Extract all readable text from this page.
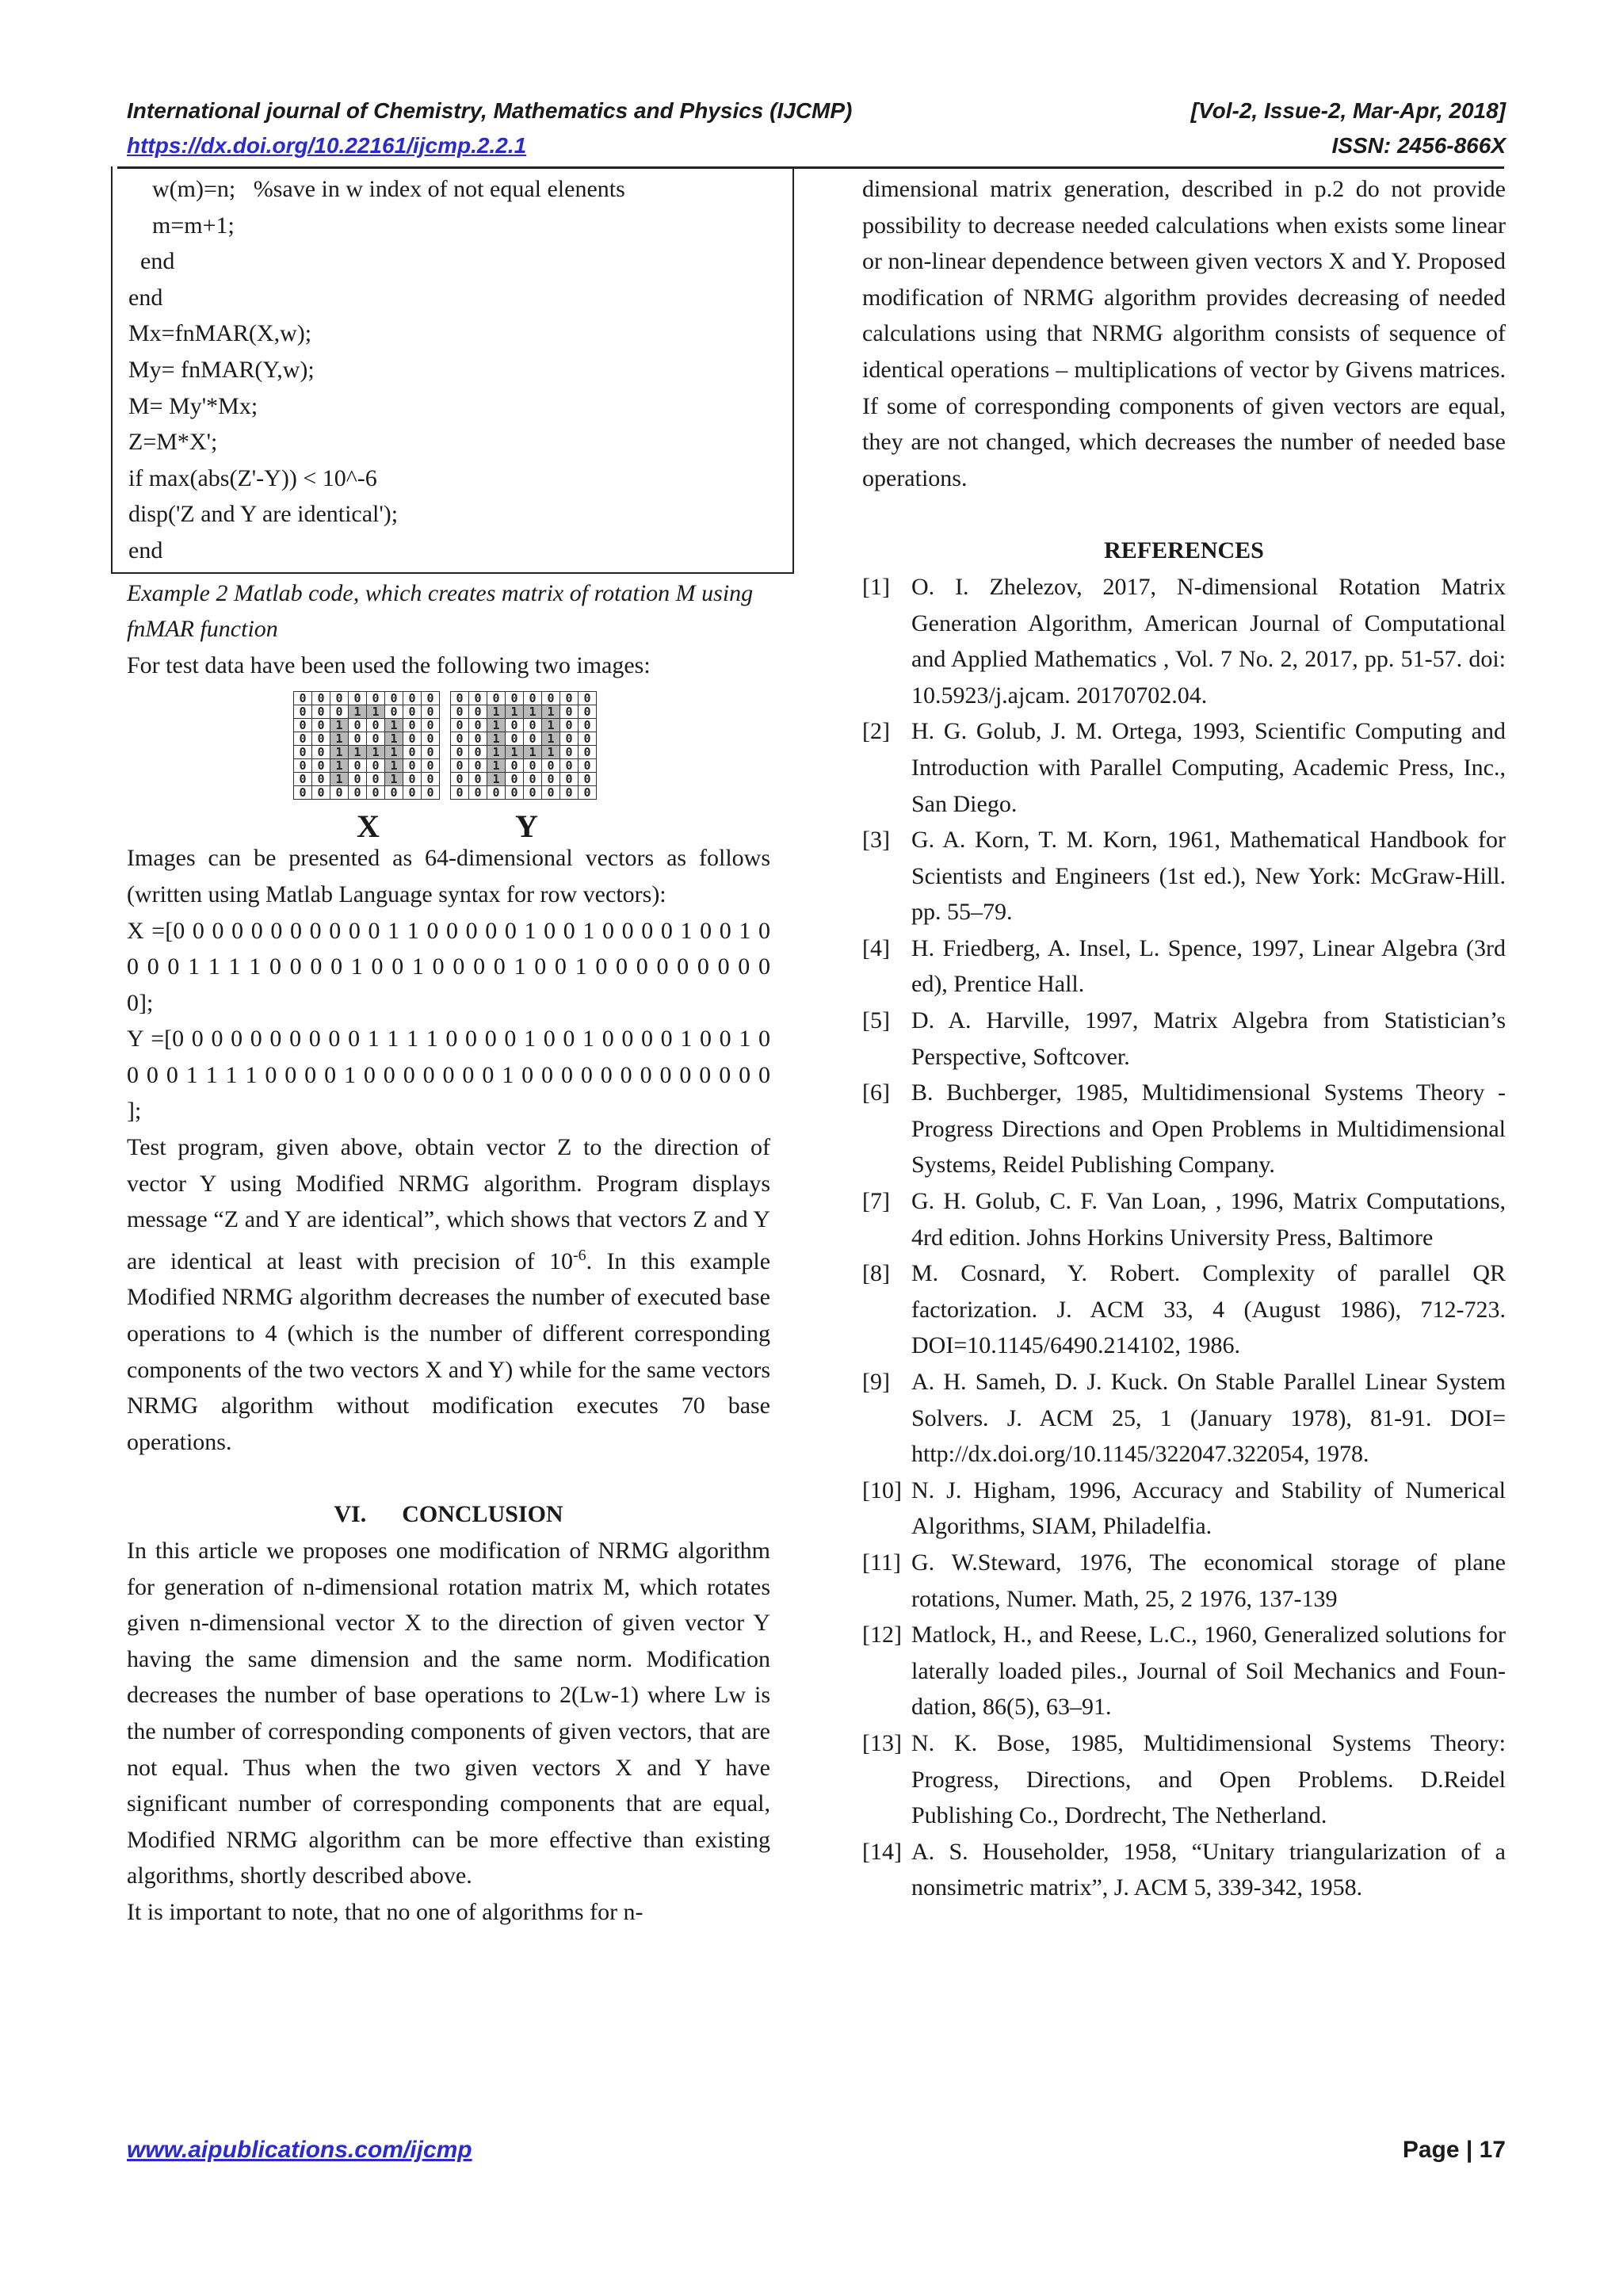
International journal of Chemistry, Mathematics and Physics (IJCMP)	[Vol-2, Issue-2, Mar-Apr, 2018]
https://dx.doi.org/10.22161/ijcmp.2.2.1	ISSN: 2456-866X
w(m)=n;   %save in w index of not equal elenents
m=m+1;
end
end
Mx=fnMAR(X,w);
My= fnMAR(Y,w);
M= My'*Mx;
Z=M*X';
if max(abs(Z'-Y)) < 10^-6
disp('Z and Y are identical');
end
Example 2 Matlab code, which creates matrix of rotation M using fnMAR function
For test data have been used the following two images:
0	0	0	0	0	0	0	0
0	0	0	1	1	0	0	0
0	0	1	0	0	1	0	0
0	0	1	0	0	1	0	0
0	0	1	1	1	1	0	0
0	0	1	0	0	1	0	0
0	0	1	0	0	1	0	0
0	0	0	0	0	0	0	0
0	0	0	0	0	0	0	0
0	0	1	1	1	1	0	0
0	0	1	0	0	1	0	0
0	0	1	0	0	1	0	0
0	0	1	1	1	1	0	0
0	0	1	0	0	0	0	0
0	0	1	0	0	0	0	0
0	0	0	0	0	0	0	0
X	Y
Images can be presented as 64-dimensional vectors as follows (written using Matlab Language syntax for row vectors):
X =[0 0 0 0 0 0 0 0 0 0 0 1 1 0 0 0 0 0 1 0 0 1 0 0 0 0 1 0 0 1 0 0 0 0 1 1 1 1 0 0 0 0 1 0 0 1 0 0 0 0 1 0 0 1 0 0 0 0 0 0 0 0 0 0];
Y =[0 0 0 0 0 0 0 0 0 0 1 1 1 1 0 0 0 0 1 0 0 1 0 0 0 0 1 0 0 1 0 0 0 0 1 1 1 1 0 0 0 0 1 0 0 0 0 0 0 0 1 0 0 0 0 0 0 0 0 0 0 0 0 0 ];
Test program, given above, obtain vector Z to the direction of vector Y using Modified NRMG algorithm. Program displays message “Z and Y are identical”, which shows that vectors Z and Y are identical at least with precision of $10^{-6}$. In this example Modified NRMG algorithm decreases the number of executed base operations to 4 (which is the number of different corresponding components of the two vectors X and Y) while for the same vectors NRMG algorithm without modification executes 70 base operations.
VI.      CONCLUSION
In this article we proposes one modification of NRMG algorithm for generation of n-dimensional rotation matrix M, which rotates given n-dimensional vector X to the direction of given vector Y having the same dimension and the same norm. Modification decreases the number of base operations to 2(Lw-1) where Lw is the number of corresponding components of given vectors, that are not equal. Thus when the two given vectors X and Y have significant number of corresponding components that are equal, Modified NRMG algorithm can be more effective than existing algorithms, shortly described above.
It is important to note, that no one of algorithms for n-
dimensional matrix generation, described in p.2 do not provide possibility to decrease needed calculations when exists some linear or non-linear dependence between given vectors X and Y. Proposed modification of NRMG algorithm provides decreasing of needed calculations using that NRMG algorithm consists of sequence of identical operations – multiplications of vector by Givens matrices. If some of corresponding components of given vectors are equal, they are not changed, which decreases the number of needed base operations.
REFERENCES
[1] O. I. Zhelezov, 2017, N-dimensional Rotation Matrix Generation Algorithm, American Journal of Computational and Applied Mathematics , Vol. 7 No. 2, 2017, pp. 51-57. doi: 10.5923/j.ajcam. 20170702.04.
[2] H. G. Golub, J. M. Ortega, 1993, Scientific Computing and Introduction with Parallel Computing, Academic Press, Inc., San Diego.
[3] G. A. Korn, T. M. Korn, 1961, Mathematical Handbook for Scientists and Engineers (1st ed.), New York: McGraw-Hill. pp. 55–79.
[4] H. Friedberg, A. Insel, L. Spence, 1997, Linear Algebra (3rd ed), Prentice Hall.
[5] D. A. Harville, 1997, Matrix Algebra from Statistician’s Perspective, Softcover.
[6] B. Buchberger, 1985, Multidimensional Systems Theory - Progress Directions and Open Problems in Multidimensional Systems, Reidel Publishing Company.
[7] G. H. Golub, C. F. Van Loan, , 1996, Matrix Computations, 4rd edition. Johns Horkins University Press, Baltimore
[8] M. Cosnard, Y. Robert. Complexity of parallel QR factorization. J. ACM 33, 4 (August 1986), 712-723. DOI=10.1145/6490.214102, 1986.
[9] A. H. Sameh, D. J. Kuck. On Stable Parallel Linear System Solvers. J. ACM 25, 1 (January 1978), 81-91. DOI= http://dx.doi.org/10.1145/322047.322054, 1978.
[10] N. J. Higham, 1996, Accuracy and Stability of Numerical Algorithms, SIAM, Philadelfia.
[11] G. W.Steward, 1976, The economical storage of plane rotations, Numer. Math, 25, 2 1976, 137-139
[12] Matlock, H., and Reese, L.C., 1960, Generalized solutions for laterally loaded piles., Journal of Soil Mechanics and Foun-dation, 86(5), 63–91.
[13] N. K. Bose, 1985, Multidimensional Systems Theory: Progress, Directions, and Open Problems. D.Reidel Publishing Co., Dordrecht, The Netherland.
[14] A. S. Householder, 1958, “Unitary triangularization of a nonsimetric matrix”, J. ACM 5, 339-342, 1958.
www.aipublications.com/ijcmp	Page | 17
